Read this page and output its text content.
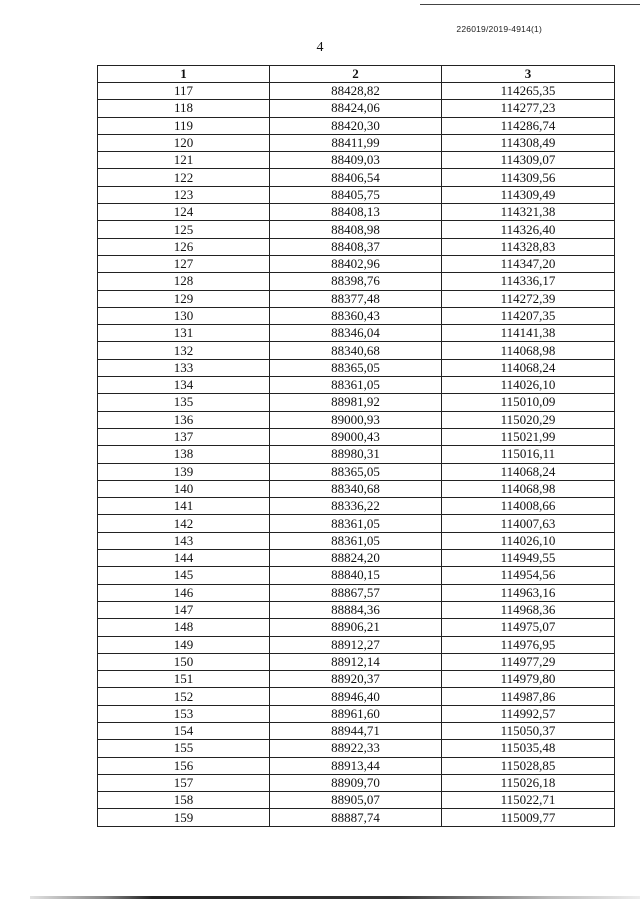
226019/2019-4914(1)
4
1	2	3
117	88428,82	114265,35
118	88424,06	114277,23
119	88420,30	114286,74
120	88411,99	114308,49
121	88409,03	114309,07
122	88406,54	114309,56
123	88405,75	114309,49
124	88408,13	114321,38
125	88408,98	114326,40
126	88408,37	114328,83
127	88402,96	114347,20
128	88398,76	114336,17
129	88377,48	114272,39
130	88360,43	114207,35
131	88346,04	114141,38
132	88340,68	114068,98
133	88365,05	114068,24
134	88361,05	114026,10
135	88981,92	115010,09
136	89000,93	115020,29
137	89000,43	115021,99
138	88980,31	115016,11
139	88365,05	114068,24
140	88340,68	114068,98
141	88336,22	114008,66
142	88361,05	114007,63
143	88361,05	114026,10
144	88824,20	114949,55
145	88840,15	114954,56
146	88867,57	114963,16
147	88884,36	114968,36
148	88906,21	114975,07
149	88912,27	114976,95
150	88912,14	114977,29
151	88920,37	114979,80
152	88946,40	114987,86
153	88961,60	114992,57
154	88944,71	115050,37
155	88922,33	115035,48
156	88913,44	115028,85
157	88909,70	115026,18
158	88905,07	115022,71
159	88887,74	115009,77
